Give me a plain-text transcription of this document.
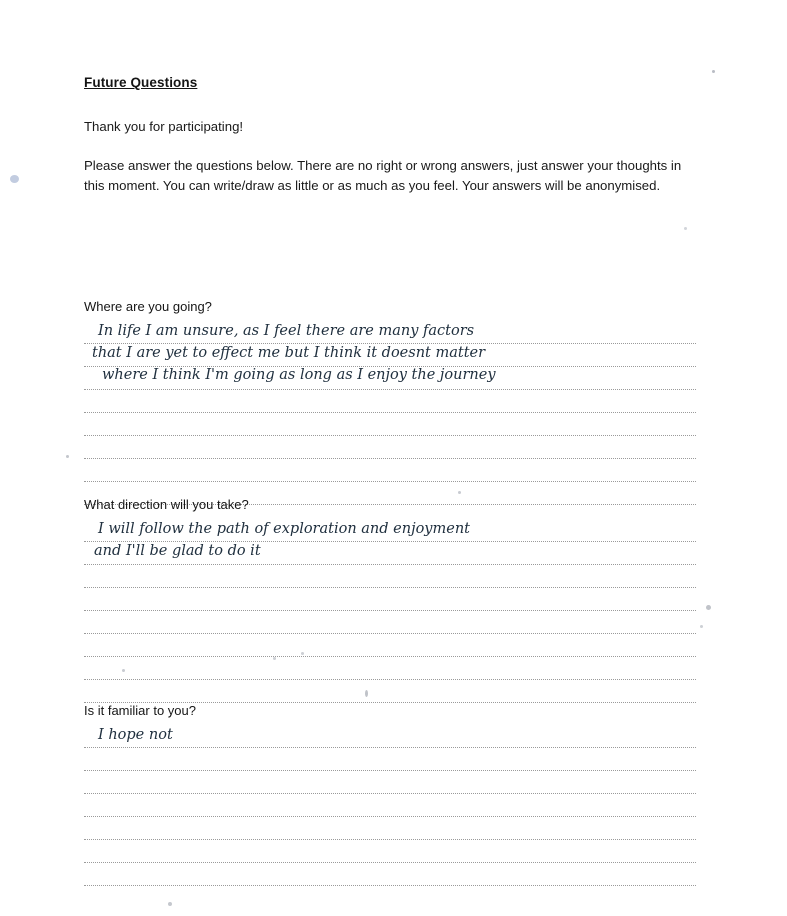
Future Questions
Thank you for participating!
Please answer the questions below. There are no right or wrong answers, just answer your thoughts in this moment. You can write/draw as little or as much as you feel. Your answers will be anonymised.
Where are you going?
In life I am unsure, as I feel there are many factors
that I are yet to effect me but I think it doesnt matter
where I think I'm going as long as I enjoy the journey
What direction will you take?
I will follow the path of exploration and enjoyment
and I'll be glad to do it
Is it familiar to you?
I hope not
